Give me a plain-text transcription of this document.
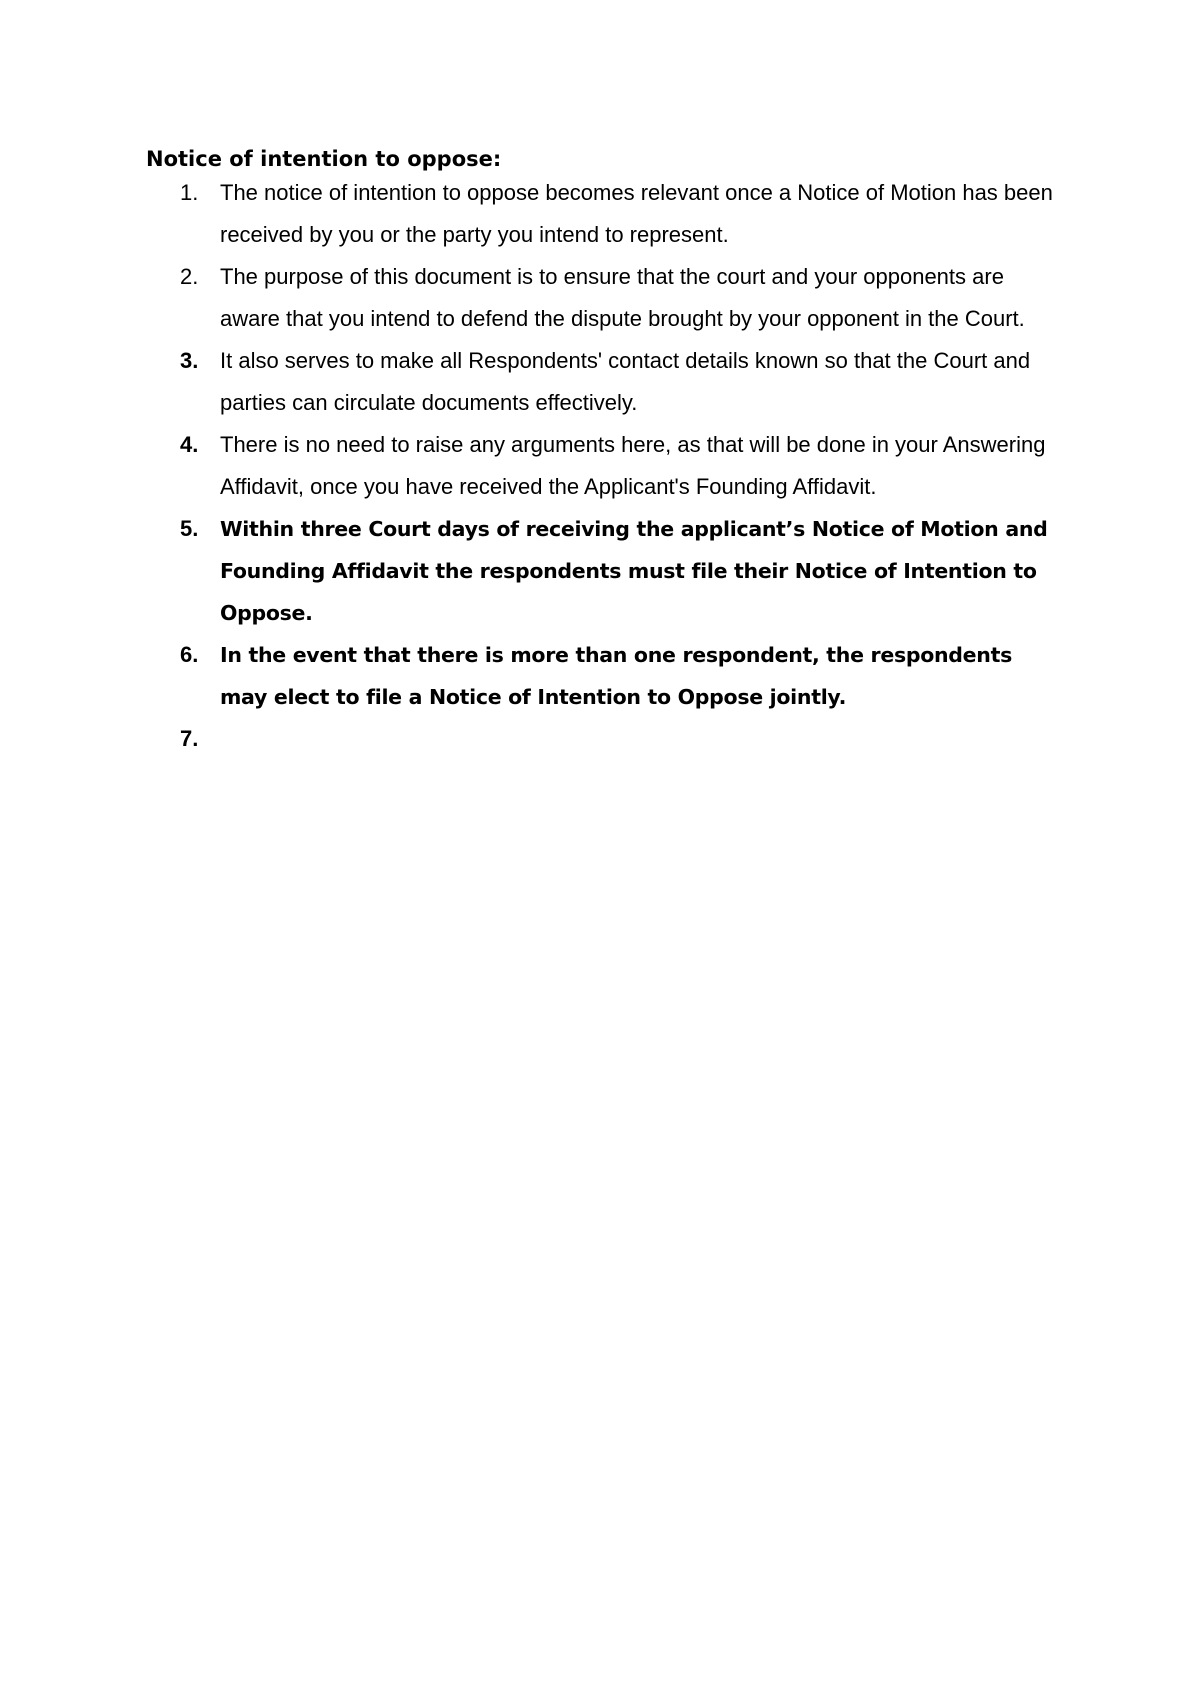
Notice of intention to oppose:
1. The notice of intention to oppose becomes relevant once a Notice of Motion has been received by you or the party you intend to represent.
2. The purpose of this document is to ensure that the court and your opponents are aware that you intend to defend the dispute brought by your opponent in the Court.
3. It also serves to make all Respondents' contact details known so that the Court and parties can circulate documents effectively.
4. There is no need to raise any arguments here, as that will be done in your Answering Affidavit, once you have received the Applicant's Founding Affidavit.
5.	Within three Court days of receiving the applicant’s Notice of Motion and Founding Affidavit the respondents must file their Notice of Intention to Oppose.
6.	In the event that there is more than one respondent, the respondents may elect to file a Notice of Intention to Oppose jointly.
7.
